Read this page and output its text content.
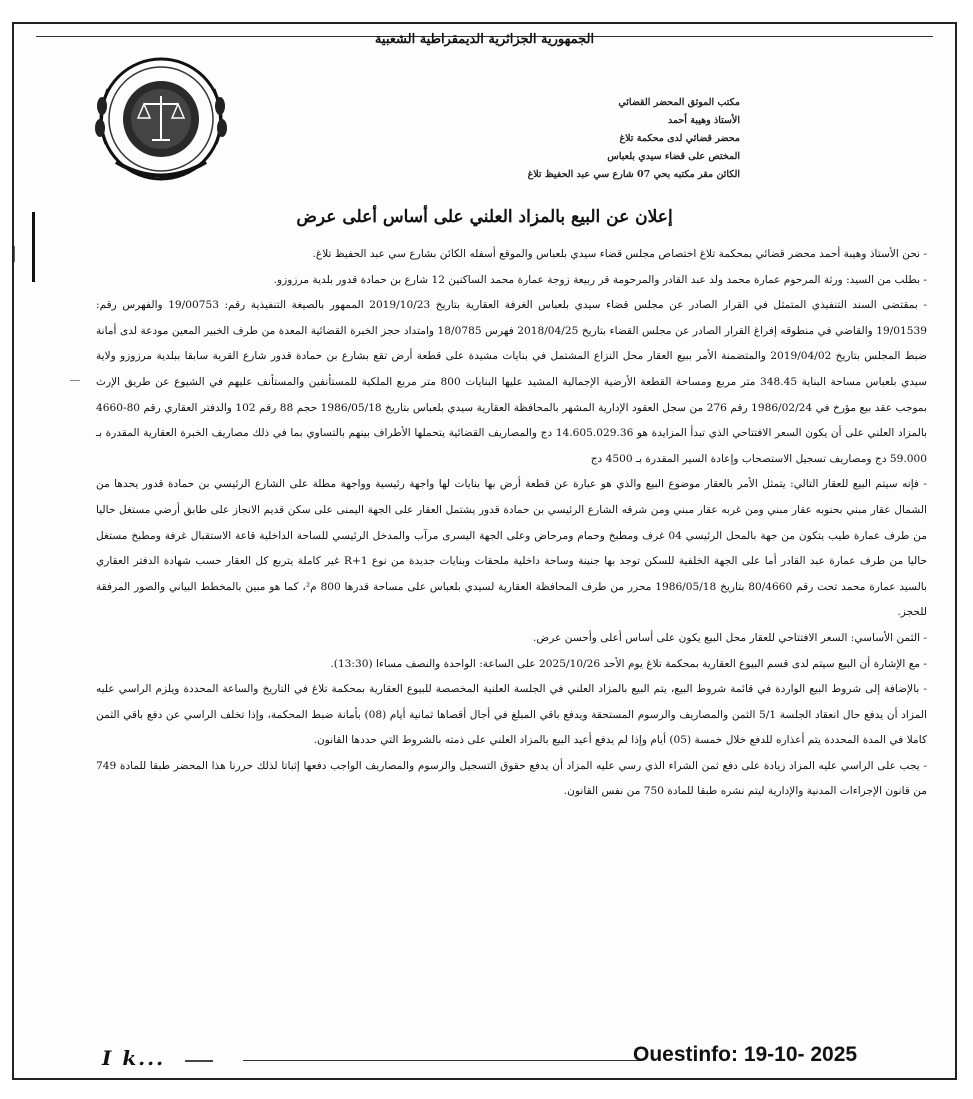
الجمهورية الجزائرية الديمقراطية الشعبية
مكتب الموثق المحضر القضائي
الأستاذ وهيبة أحمد
محضر قضائي لدى محكمة تلاغ
المختص على قضاء سيدي بلعباس
الكائن مقر مكتبه بحي 07 شارع سي عبد الحفيظ تلاغ
إعلان عن البيع بالمزاد العلني على أساس أعلى عرض

- نحن الأستاذ وهيبة أحمد محضر قضائي بمحكمة تلاغ اختصاص مجلس قضاء سيدي بلعباس والموقع أسفله الكائن بشارع سي عبد الحفيظ تلاغ.

- بطلب من السيد: ورثة المرحوم عمارة محمد ولد عبد القادر والمرحومة قر ربيعة زوجة عمارة محمد الساكنين 12 شارع بن حمادة قدور بلدية مرزوزو.

- بمقتضى السند التنفيذي المتمثل في القرار الصادر عن مجلس قضاء سيدي بلعباس الغرفة العقارية بتاريخ 2019/10/23 الممهور بالصيغة التنفيذية رقم: 19/00753 والفهرس رقم: 19/01539 والقاضي في منطوقه إفراغ القرار الصادر عن مجلس القضاء بتاريخ 2018/04/25 فهرس 18/0785 وامتداد حجز الخبرة القضائية المعدة من طرف الخبير المعين مودعة لدى أمانة ضبط المجلس بتاريخ 2019/04/02 والمتضمنة الأمر ببيع العقار محل النزاع المشتمل في بنايات مشيدة على قطعة أرض تقع بشارع بن حمادة قدور شارع القرية سابقا ببلدية مرزوزو ولاية سيدي بلعباس مساحة البناية 348.45 متر مربع ومساحة القطعة الأرضية الإجمالية المشيد عليها البنايات 800 متر مربع الملكية للمستأنفين والمستأنف عليهم في الشيوع عن طريق الإرث بموجب عقد بيع مؤرخ في 1986/02/24 رقم 276 من سجل العقود الإدارية المشهر بالمحافظة العقارية سيدي بلعباس بتاريخ 1986/05/18 حجم 88 رقم 102 والدفتر العقاري رقم 80-4660 بالمزاد العلني على أن يكون السعر الافتتاحي الذي تبدأ المزايدة هو 14.605.029.36 دج والمصاريف القضائية يتحملها الأطراف بينهم بالتساوي بما في ذلك مصاريف الخبرة العقارية المقدرة بـ 59.000 دج ومصاريف تسجيل الاستصحاب وإعادة السير المقدرة بـ 4500 دج

- فإنه سيتم البيع للعقار التالي: يتمثل الأمر بالعقار موضوع البيع والذي هو عبارة عن قطعة أرض بها بنايات لها واجهة رئيسية وواجهة مطلة على الشارع الرئيسي بن حمادة قدور يحدها من الشمال عقار مبني بحنوبه عقار مبني ومن غربه عقار مبني ومن شرقه الشارع الرئيسي بن حمادة قدور يشتمل العقار على الجهة اليمنى على سكن قديم الانجاز على طابق أرضي مستغل حاليا من طرف عمارة طيب يتكون من جهة بالمحل الرئيسي 04 غرف ومطبخ وحمام ومرحاض وعلى الجهة اليسرى مرآب والمدخل الرئيسي للساحة الداخلية قاعة الاستقبال غرفة ومطبخ مستغل حاليا من طرف عمارة عبد القادر أما على الجهة الخلفية للسكن توجد بها جنينة وساحة داخلية ملحقات وبنايات جديدة من نوع R+1 غير كاملة يتربع كل العقار حسب شهادة الدفتر العقاري بالسيد عمارة محمد تحت رقم 80/4660 بتاريخ 1986/05/18 محرر من طرف المحافظة العقارية لسيدي بلعباس على مساحة قدرها 800 م²، كما هو مبين بالمخطط البياني والصور المرفقة للحجز.

- الثمن الأساسي: السعر الافتتاحي للعقار محل البيع يكون على أساس أعلى وأحسن عرض.

- مع الإشارة أن البيع سيتم لدى قسم البيوع العقارية بمحكمة تلاغ يوم الأحد 2025/10/26 على الساعة: الواحدة والنصف مساءا (13:30).

- بالإضافة إلى شروط البيع الواردة في قائمة شروط البيع، يتم البيع بالمزاد العلني في الجلسة العلنية المخصصة للبيوع العقارية بمحكمة تلاغ في التاريخ والساعة المحددة ويلزم الراسي عليه المزاد أن يدفع حال انعقاد الجلسة 5/1 الثمن والمصاريف والرسوم المستحقة ويدفع باقي المبلغ في أجال أقصاها ثمانية أيام (08) بأمانة ضبط المحكمة، وإذا تخلف الراسي عن دفع باقي الثمن كاملا في المدة المحددة يتم أعذاره للدفع خلال خمسة (05) أيام وإذا لم يدفع أعيد البيع بالمزاد العلني على ذمته بالشروط التي حددها القانون.

- يجب على الراسي عليه المزاد زيادة على دفع ثمن الشراء الذي رسي عليه المزاد أن يدفع حقوق التسجيل والرسوم والمصاريف الواجب دفعها إثباتا لذلك حررنا هذا المحضر طبقا للمادة 749 من قانون الإجراءات المدنية والإدارية ليتم نشره طبقا للمادة 750 من نفس القانون.

I k...	Ouestinfo: 19-10- 2025
